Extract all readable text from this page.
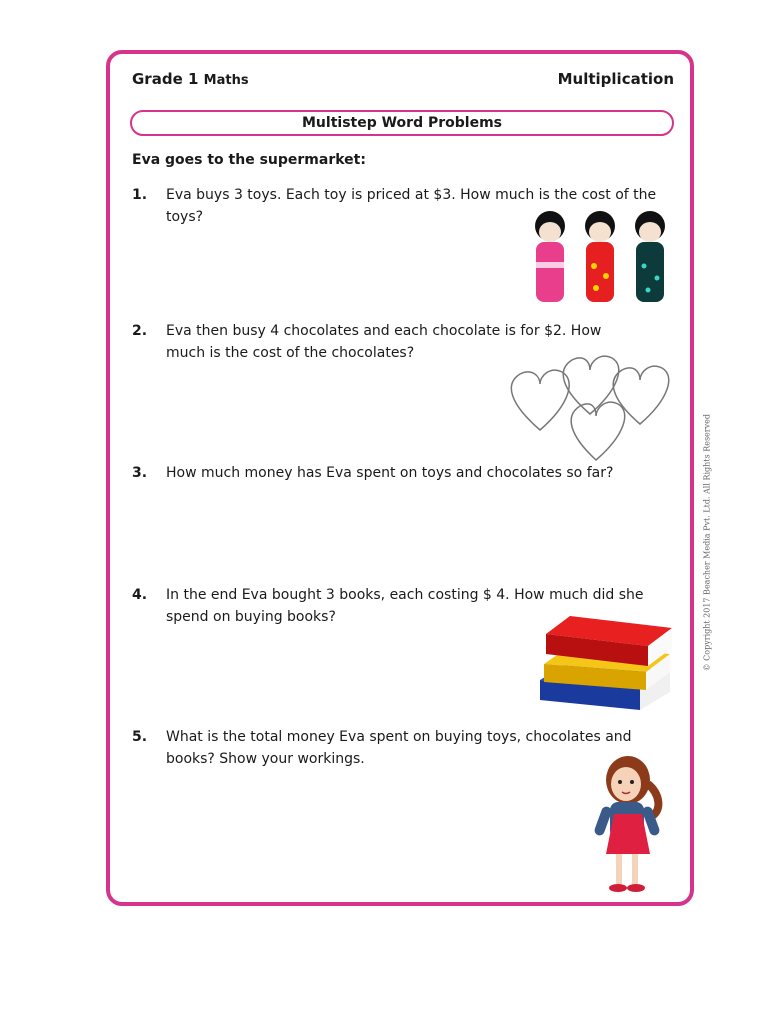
Grade 1 Maths	Multiplication
Multistep Word Problems
Eva goes to the supermarket:
1.	Eva buys 3 toys. Each toy is priced at $3. How much is the cost of the toys?
2.	Eva then busy 4 chocolates and each chocolate is for $2. How much is the cost of the chocolates?
3.	How much money has Eva spent on toys and chocolates so far?
4.	In the end Eva bought 3 books, each costing $ 4. How much did she spend on buying books?
5.	What is the total money Eva spent on buying toys, chocolates and books? Show your workings.
© Copyright 2017 Beacher Media Pvt. Ltd. All Rights Reserved
